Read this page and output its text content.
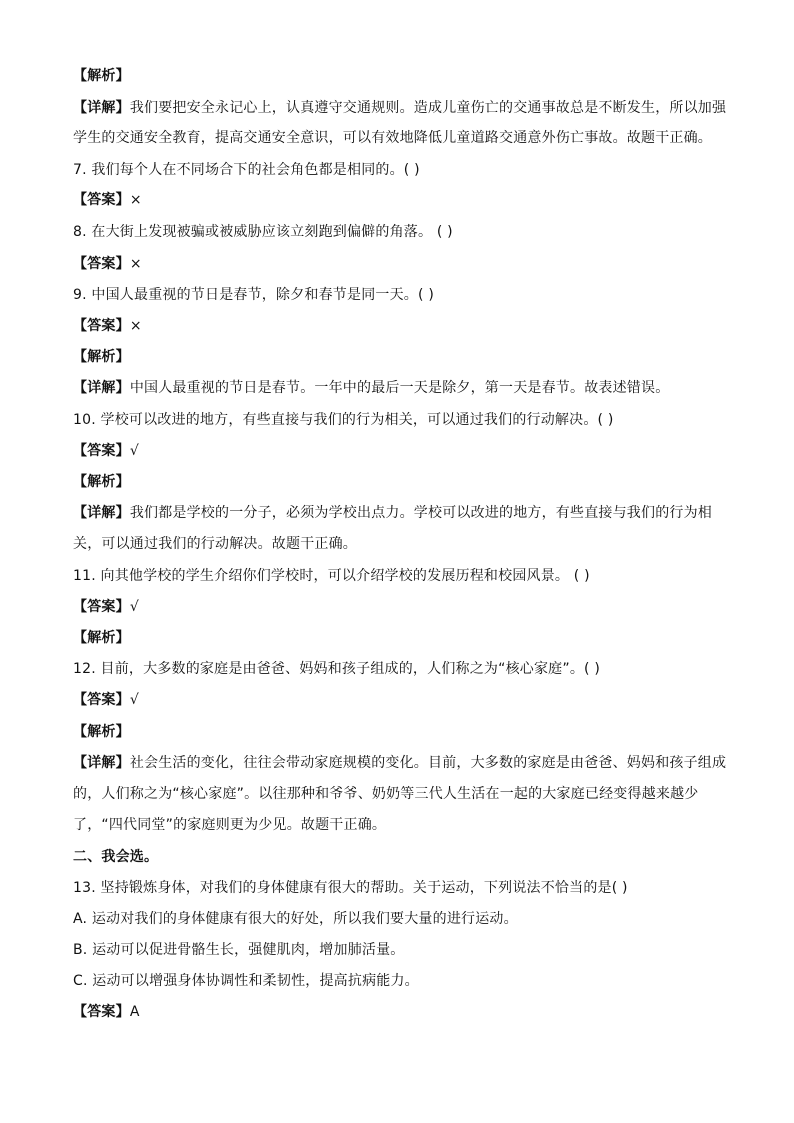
【解析】
【详解】我们要把安全永记心上，认真遵守交通规则。造成儿童伤亡的交通事故总是不断发生，所以加强
学生的交通安全教育，提高交通安全意识，可以有效地降低儿童道路交通意外伤亡事故。故题干正确。
7. 我们每个人在不同场合下的社会角色都是相同的。( )
【答案】×
8. 在大街上发现被骗或被威胁应该立刻跑到偏僻的角落。 ( )
【答案】×
9. 中国人最重视的节日是春节，除夕和春节是同一天。( )
【答案】×
【解析】
【详解】中国人最重视的节日是春节。一年中的最后一天是除夕，第一天是春节。故表述错误。
10. 学校可以改进的地方，有些直接与我们的行为相关，可以通过我们的行动解决。( )
【答案】√
【解析】
【详解】我们都是学校的一分子，必须为学校出点力。学校可以改进的地方，有些直接与我们的行为相
关，可以通过我们的行动解决。故题干正确。
11. 向其他学校的学生介绍你们学校时，可以介绍学校的发展历程和校园风景。 ( )
【答案】√
【解析】
12. 目前，大多数的家庭是由爸爸、妈妈和孩子组成的，人们称之为“核心家庭”。( )
【答案】√
【解析】
【详解】社会生活的变化，往往会带动家庭规模的变化。目前，大多数的家庭是由爸爸、妈妈和孩子组成
的，人们称之为“核心家庭”。以往那种和爷爷、奶奶等三代人生活在一起的大家庭已经变得越来越少
了，“四代同堂”的家庭则更为少见。故题干正确。
二、我会选。
13. 坚持锻炼身体，对我们的身体健康有很大的帮助。关于运动，下列说法不恰当的是( )
A. 运动对我们的身体健康有很大的好处，所以我们要大量的进行运动。
B. 运动可以促进骨骼生长，强健肌肉，增加肺活量。
C. 运动可以增强身体协调性和柔韧性，提高抗病能力。
【答案】A
